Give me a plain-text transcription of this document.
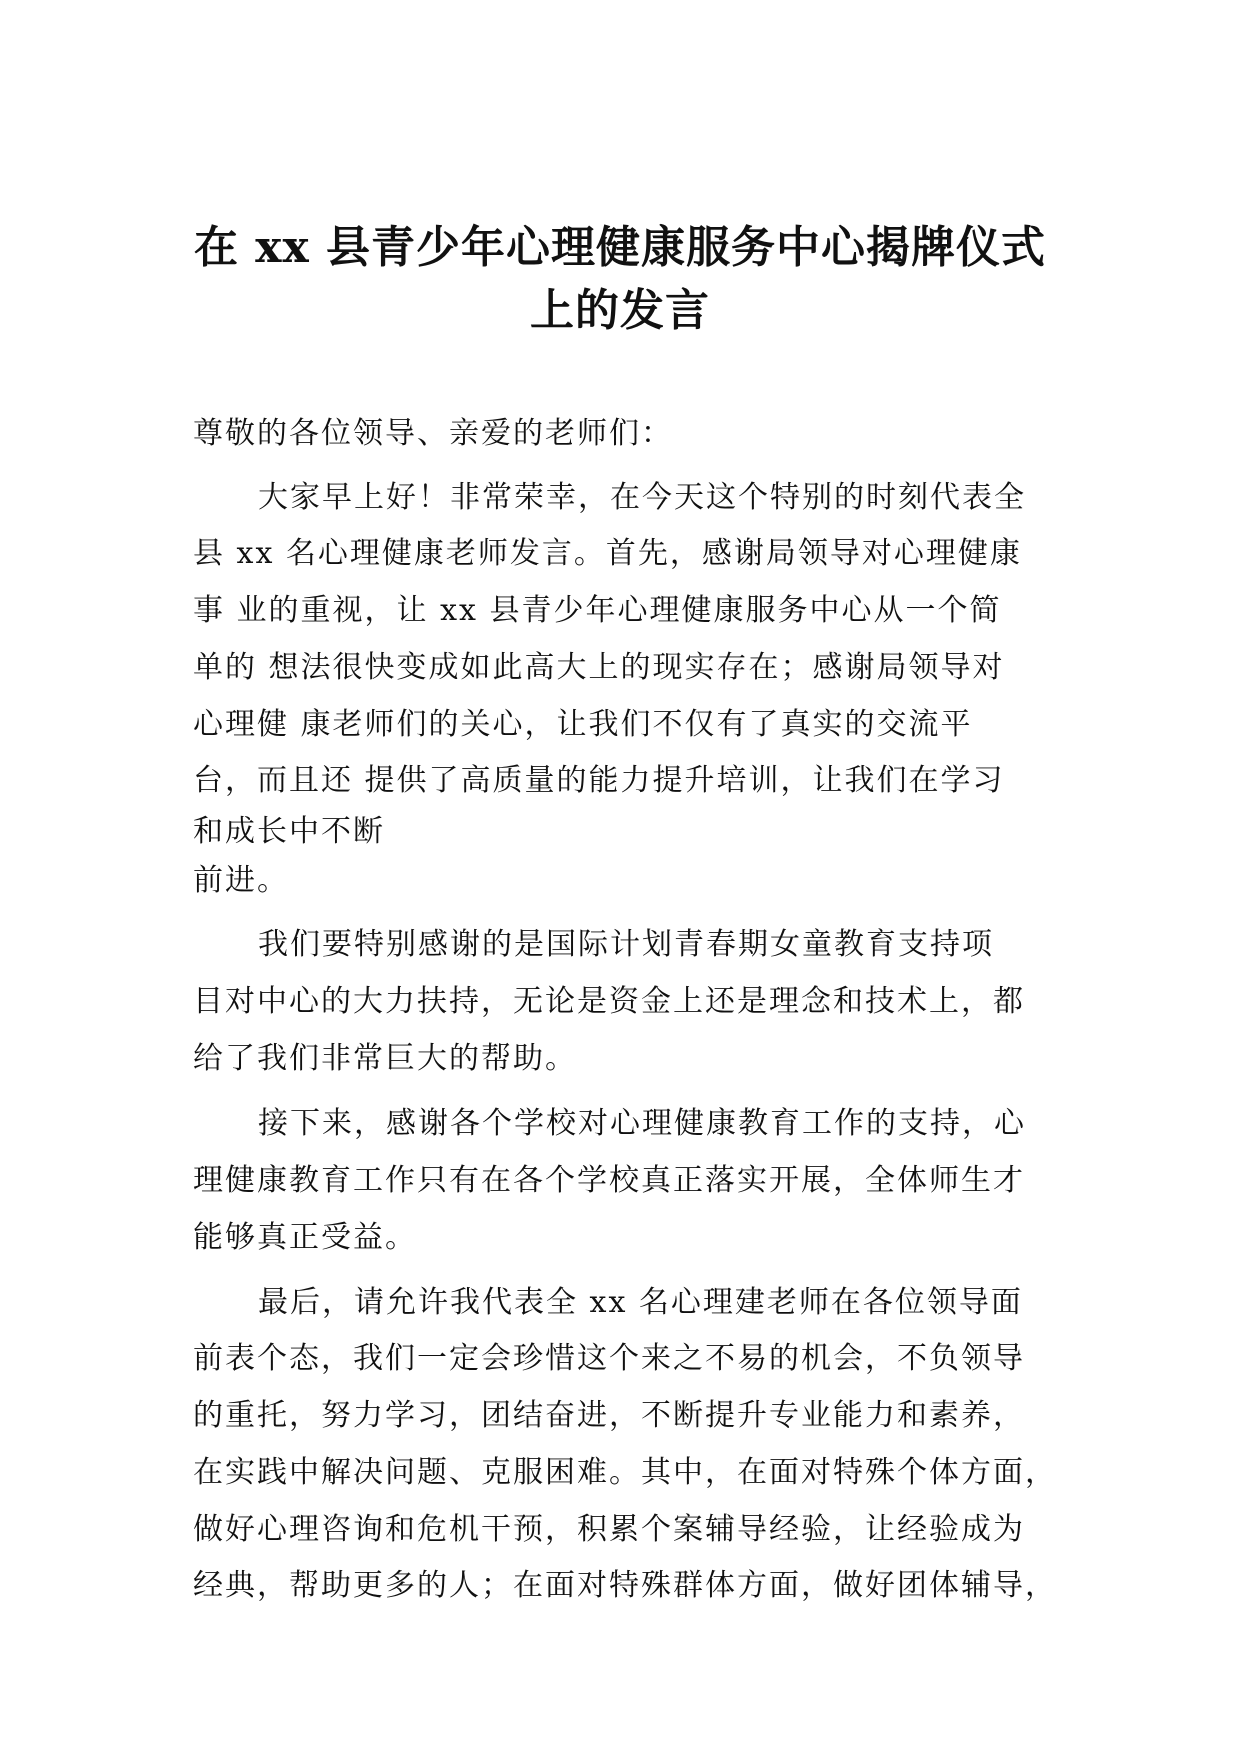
在 xx 县青少年心理健康服务中心揭牌仪式
上的发言

尊敬的各位领导、亲爱的老师们：

大家早上好！非常荣幸，在今天这个特别的时刻代表全

县 xx 名心理健康老师发言。首先，感谢局领导对心理健康

事 业的重视，让 xx 县青少年心理健康服务中心从一个简

单的 想法很快变成如此高大上的现实存在；感谢局领导对

心理健 康老师们的关心，让我们不仅有了真实的交流平

台，而且还 提供了高质量的能力提升培训，让我们在学习

和成长中不断

前进。

我们要特别感谢的是国际计划青春期女童教育支持项

目对中心的大力扶持，无论是资金上还是理念和技术上，都

给了我们非常巨大的帮助。

接下来，感谢各个学校对心理健康教育工作的支持，心

理健康教育工作只有在各个学校真正落实开展，全体师生才

能够真正受益。

最后，请允许我代表全 xx 名心理建老师在各位领导面

前表个态，我们一定会珍惜这个来之不易的机会，不负领导

的重托，努力学习，团结奋进，不断提升专业能力和素养，

在实践中解决问题、克服困难。其中，在面对特殊个体方面，

做好心理咨询和危机干预，积累个案辅导经验，让经验成为

经典，帮助更多的人；在面对特殊群体方面，做好团体辅导，
